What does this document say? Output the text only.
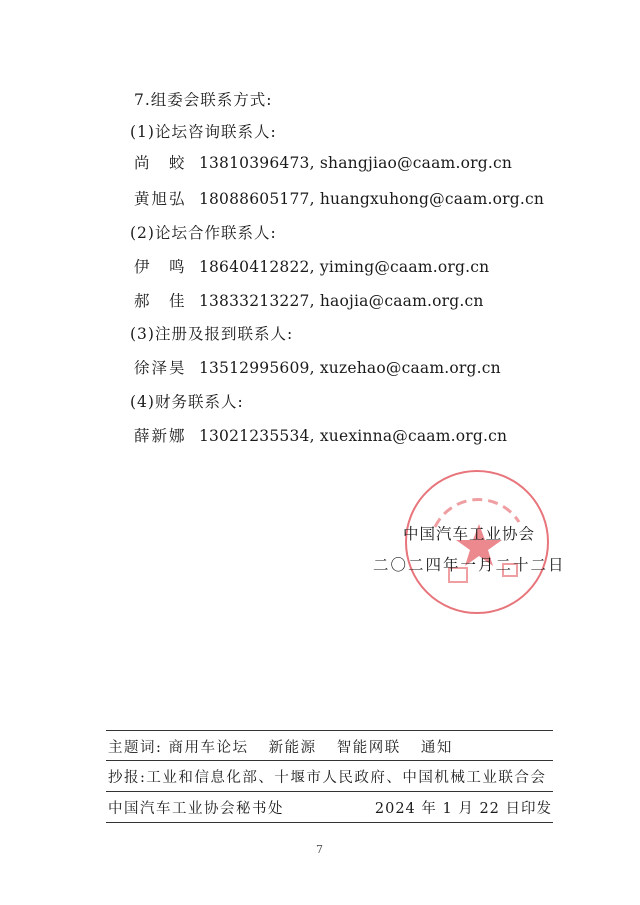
7.组委会联系方式:
(1)论坛咨询联系人:
尚　蛟 13810396473, shangjiao@caam.org.cn
黄旭弘 18088605177, huangxuhong@caam.org.cn
(2)论坛合作联系人:
伊　鸣 18640412822, yiming@caam.org.cn
郝　佳 13833213227, haojia@caam.org.cn
(3)注册及报到联系人:
徐泽昊 13512995609, xuzehao@caam.org.cn
(4)财务联系人:
薛新娜 13021235534, xuexinna@caam.org.cn
中国汽车工业协会
二〇二四年一月二十二日
主题词: 商用车论坛 新能源 智能网联 通知
抄报:工业和信息化部、十堰市人民政府、中国机械工业联合会
中国汽车工业协会秘书处	2024 年 1 月 22 日印发
7
